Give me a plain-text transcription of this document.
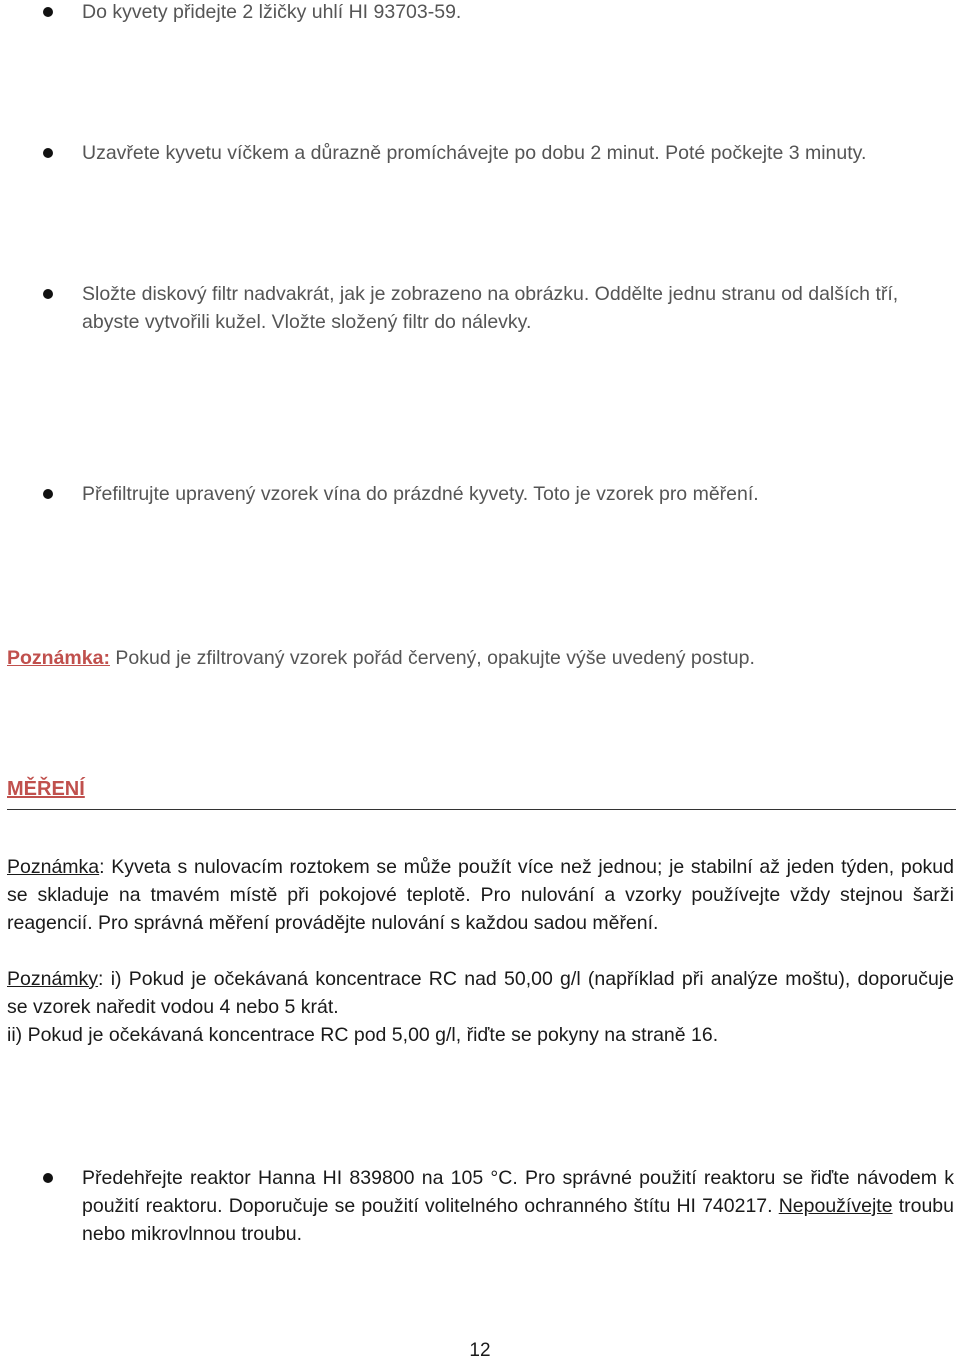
Do kyvety přidejte 2 lžičky uhlí HI 93703-59.
Uzavřete kyvetu víčkem a důrazně promíchávejte po dobu 2 minut. Poté počkejte 3 minuty.
Složte diskový filtr nadvakrát, jak je zobrazeno na obrázku. Oddělte jednu stranu od dalších tří, abyste vytvořili kužel. Vložte složený filtr do nálevky.
Přefiltrujte upravený vzorek vína do prázdné kyvety. Toto je vzorek pro měření.
Poznámka: Pokud je zfiltrovaný vzorek pořád červený, opakujte výše uvedený postup.
MĚŘENÍ
Poznámka: Kyveta s nulovacím roztokem se může použít více než jednou; je stabilní až jeden týden, pokud se skladuje na tmavém místě při pokojové teplotě. Pro nulování a vzorky používejte vždy stejnou šarži reagencií. Pro správná měření provádějte nulování s každou sadou měření.
Poznámky: i) Pokud je očekávaná koncentrace RC nad 50,00 g/l (například při analýze moštu), doporučuje se vzorek naředit vodou 4 nebo 5 krát.
ii) Pokud je očekávaná koncentrace RC pod 5,00 g/l, řiďte se pokyny na straně 16.
Předehřejte reaktor Hanna HI 839800 na 105 °C. Pro správné použití reaktoru se řiďte návodem k použití reaktoru. Doporučuje se použití volitelného ochranného štítu HI 740217. Nepoužívejte troubu nebo mikrovlnnou troubu.
12
